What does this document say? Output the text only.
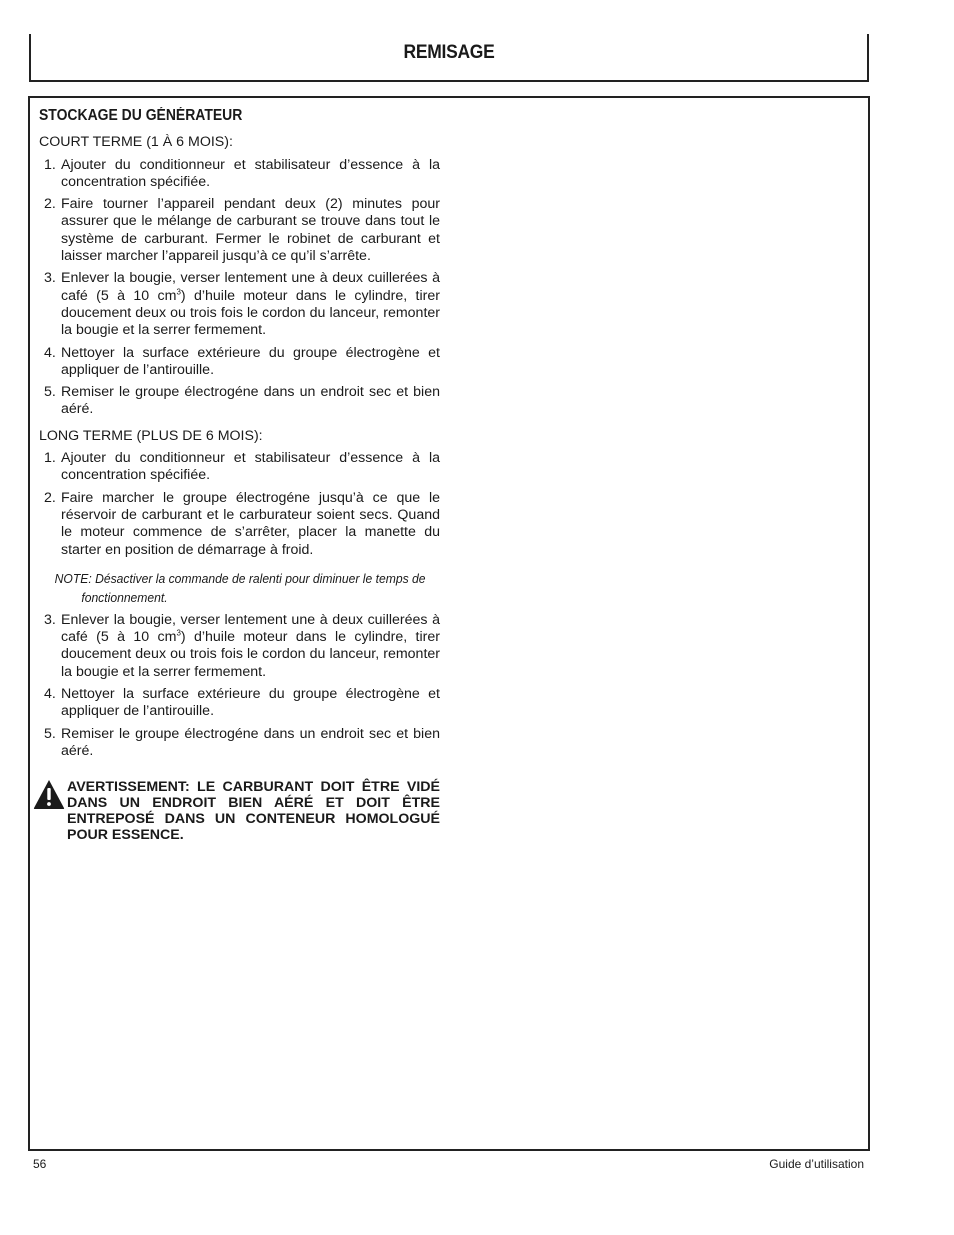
REMISAGE
STOCKAGE DU GÉNÉRATEUR
COURT TERME (1 À 6 MOIS):
1. Ajouter du conditionneur et stabilisateur d’essence à la concentration spécifiée.
2. Faire tourner l’appareil pendant deux (2) minutes pour assurer que le mélange de carburant se trouve dans tout le système de carburant. Fermer le robinet de carburant et laisser marcher l’appareil jusqu’à ce qu’il s’arrête.
3. Enlever la bougie, verser lentement une à deux cuillerées à café (5 à 10 $cm^3$) d’huile moteur dans le cylindre, tirer doucement deux ou trois fois le cordon du lanceur, remonter la bougie et la serrer fermement.
4. Nettoyer la surface extérieure du groupe électrogène et appliquer de l’antirouille.
5. Remiser le groupe électrogéne dans un endroit sec et bien aéré.
LONG TERME (PLUS DE 6 MOIS):
1. Ajouter du conditionneur et stabilisateur d’essence à la concentration spécifiée.
2. Faire marcher le groupe électrogéne jusqu’à ce que le réservoir de carburant et le carburateur soient secs. Quand le moteur commence de s’arrêter, placer la manette du starter en position de démarrage à froid.
NOTE: Désactiver la commande de ralenti pour diminuer le temps de fonctionnement.
3. Enlever la bougie, verser lentement une à deux cuillerées à café (5 à 10 $cm^3$) d’huile moteur dans le cylindre, tirer doucement deux ou trois fois le cordon du lanceur, remonter la bougie et la serrer fermement.
4. Nettoyer la surface extérieure du groupe électrogène et appliquer de l’antirouille.
5. Remiser le groupe électrogéne dans un endroit sec et bien aéré.
AVERTISSEMENT: LE CARBURANT DOIT ÊTRE VIDÉ DANS UN ENDROIT BIEN AÉRÉ ET DOIT ÊTRE ENTREPOSÉ DANS UN CONTENEUR HOMOLOGUÉ POUR ESSENCE.
56	Guide d’utilisation
